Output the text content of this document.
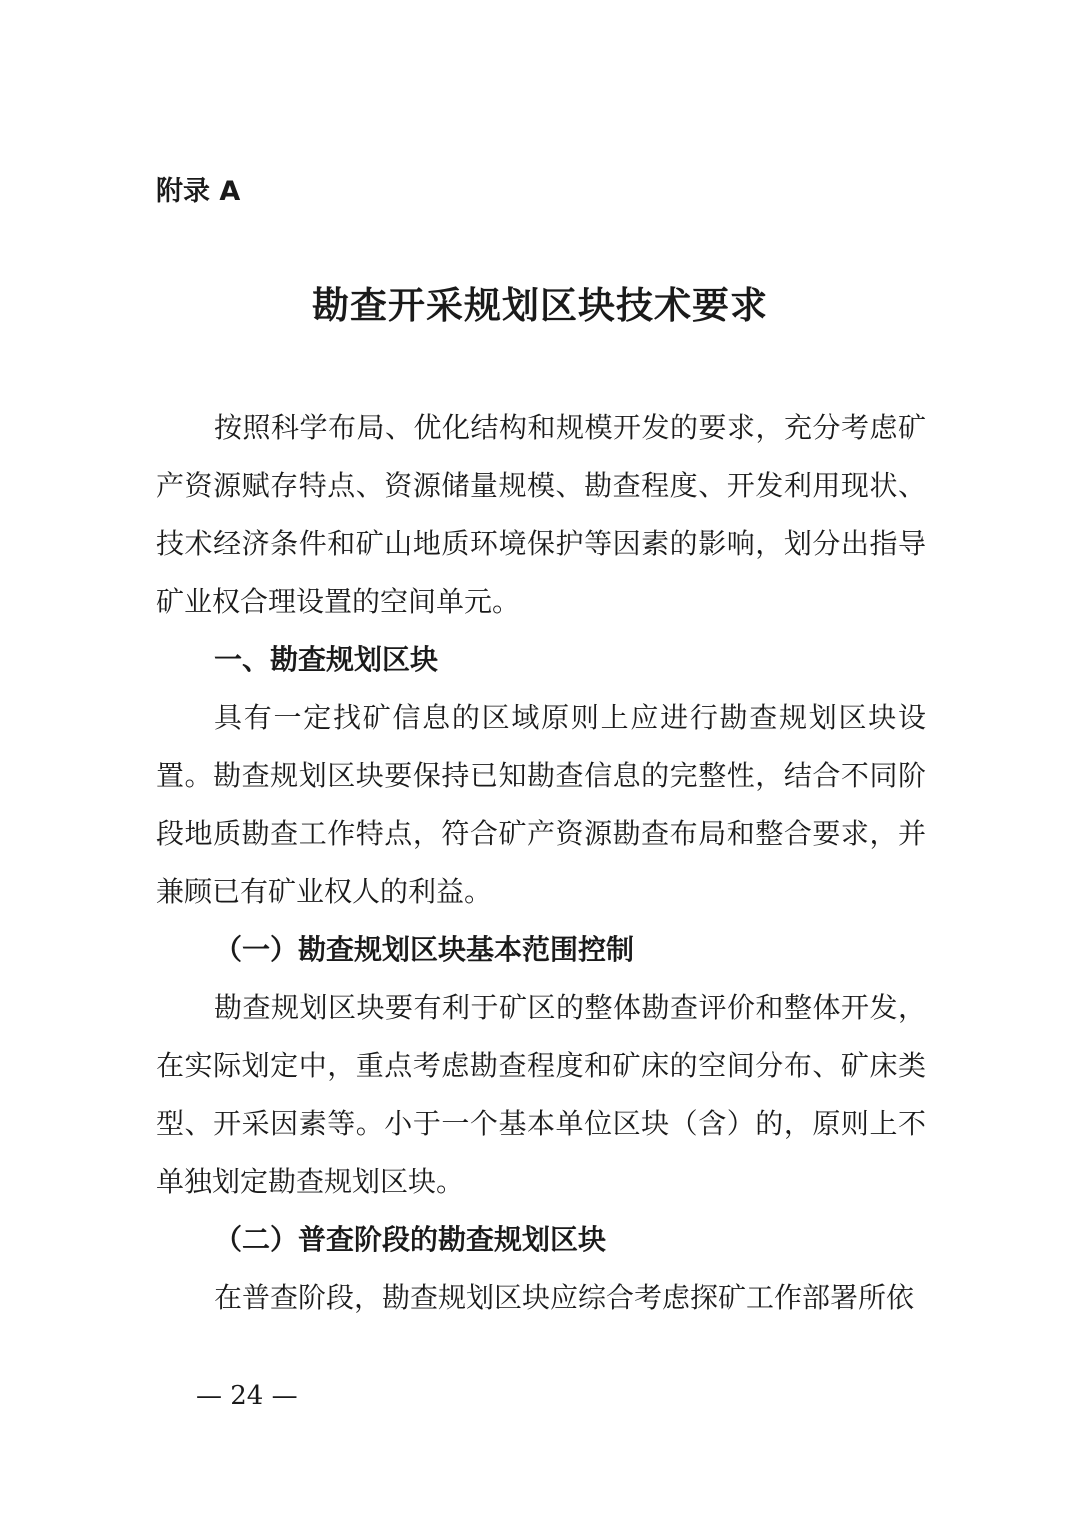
附录 A

勘查开采规划区块技术要求

按照科学布局、优化结构和规模开发的要求，充分考虑矿产资源赋存特点、资源储量规模、勘查程度、开发利用现状、技术经济条件和矿山地质环境保护等因素的影响，划分出指导矿业权合理设置的空间单元。

一、勘查规划区块

具有一定找矿信息的区域原则上应进行勘查规划区块设置。勘查规划区块要保持已知勘查信息的完整性，结合不同阶段地质勘查工作特点，符合矿产资源勘查布局和整合要求，并兼顾已有矿业权人的利益。

（一）勘查规划区块基本范围控制

勘查规划区块要有利于矿区的整体勘查评价和整体开发，在实际划定中，重点考虑勘查程度和矿床的空间分布、矿床类型、开采因素等。小于一个基本单位区块（含）的，原则上不单独划定勘查规划区块。

（二）普查阶段的勘查规划区块

在普查阶段，勘查规划区块应综合考虑探矿工作部署所依

— 24 —
